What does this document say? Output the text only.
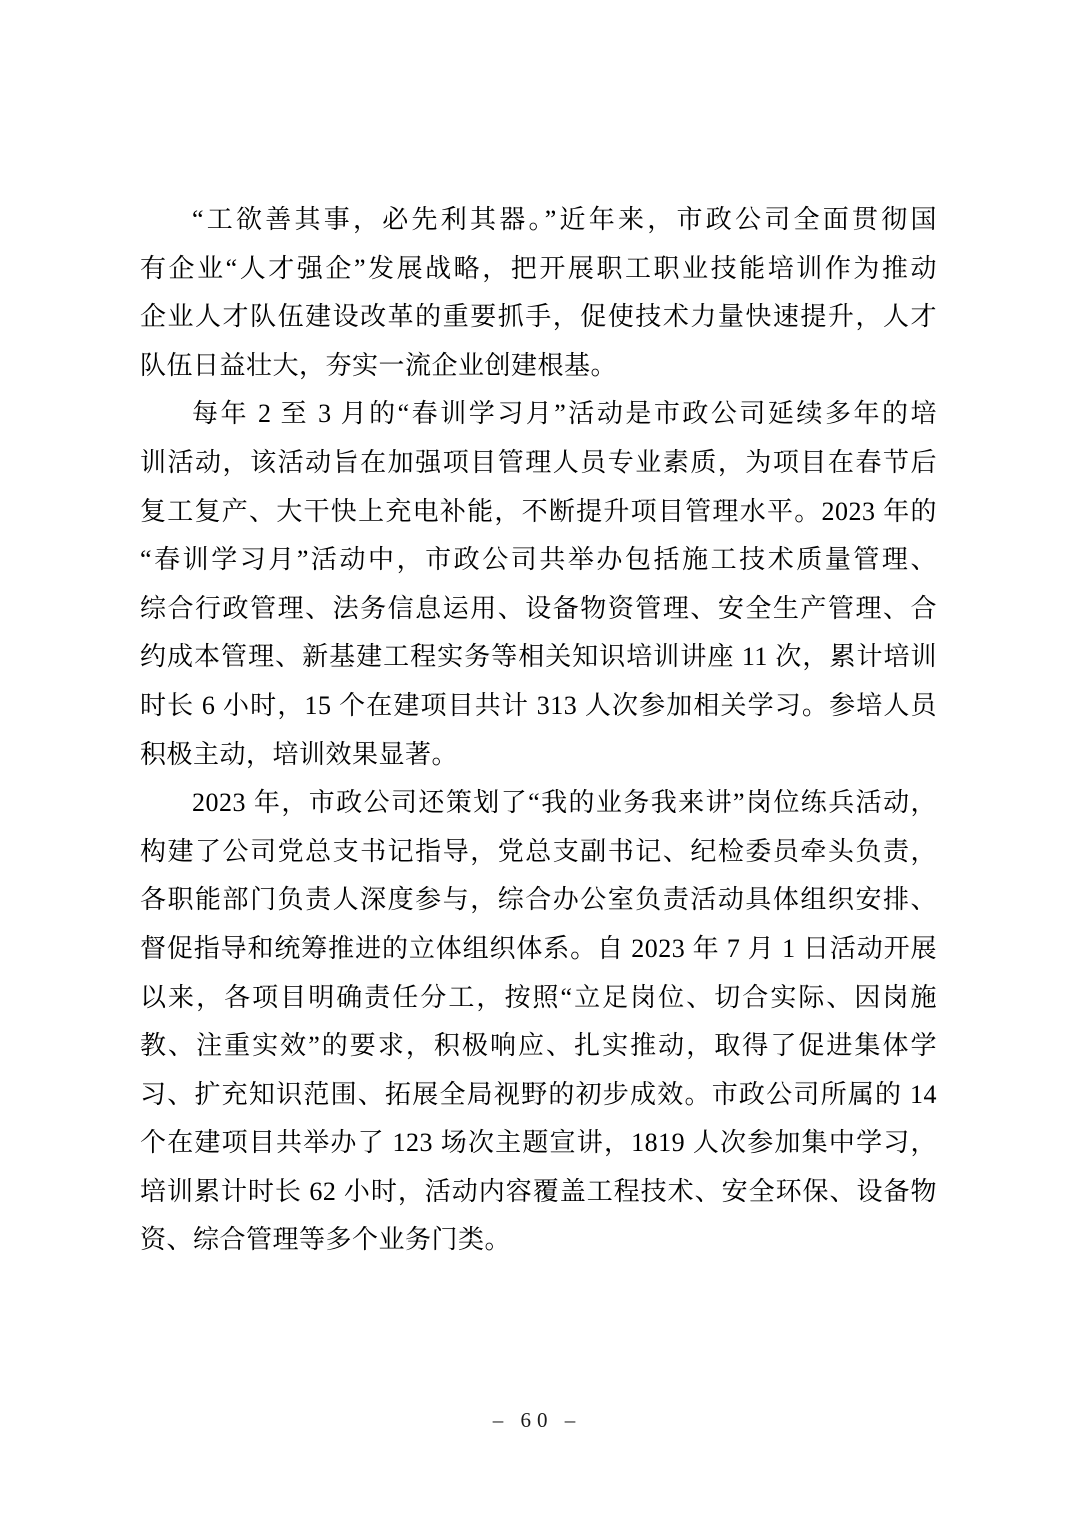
“工欲善其事，必先利其器。”近年来，市政公司全面贯彻国
有企业“人才强企”发展战略，把开展职工职业技能培训作为推动
企业人才队伍建设改革的重要抓手，促使技术力量快速提升，人才
队伍日益壮大，夯实一流企业创建根基。
每年 2 至 3 月的“春训学习月”活动是市政公司延续多年的培
训活动，该活动旨在加强项目管理人员专业素质，为项目在春节后
复工复产、大干快上充电补能，不断提升项目管理水平。2023 年的
“春训学习月”活动中，市政公司共举办包括施工技术质量管理、
综合行政管理、法务信息运用、设备物资管理、安全生产管理、合
约成本管理、新基建工程实务等相关知识培训讲座 11 次，累计培训
时长 6 小时，15 个在建项目共计 313 人次参加相关学习。参培人员
积极主动，培训效果显著。
2023 年，市政公司还策划了“我的业务我来讲”岗位练兵活动，
构建了公司党总支书记指导，党总支副书记、纪检委员牵头负责，
各职能部门负责人深度参与，综合办公室负责活动具体组织安排、
督促指导和统筹推进的立体组织体系。自 2023 年 7 月 1 日活动开展
以来，各项目明确责任分工，按照“立足岗位、切合实际、因岗施
教、注重实效”的要求，积极响应、扎实推动，取得了促进集体学
习、扩充知识范围、拓展全局视野的初步成效。市政公司所属的 14
个在建项目共举办了 123 场次主题宣讲，1819 人次参加集中学习，
培训累计时长 62 小时，活动内容覆盖工程技术、安全环保、设备物
资、综合管理等多个业务门类。
– 60 –
